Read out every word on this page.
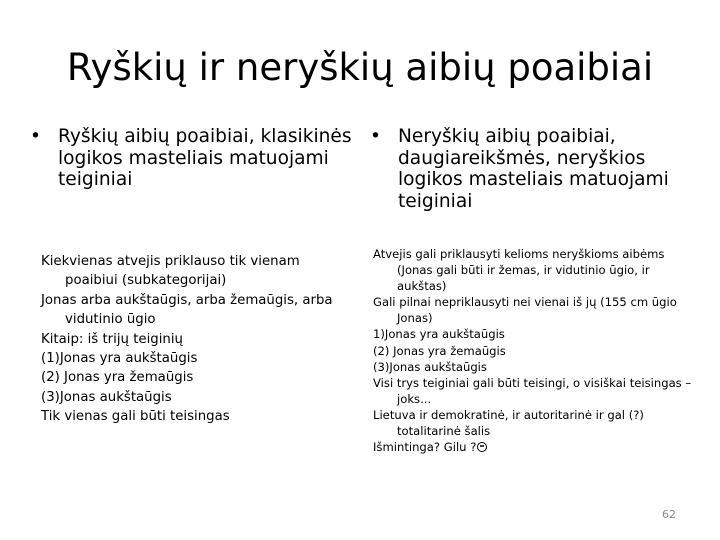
Ryškių ir neryškių aibių poaibiai
• Ryškių aibių poaibiai, klasikinės logikos masteliais matuojami teiginiai
Kiekvienas atvejis priklauso tik vienam poaibiui (subkategorijai)
Jonas arba aukštaūgis, arba žemaūgis, arba vidutinio ūgio
Kitaip: iš trijų teiginių
(1)Jonas yra aukštaūgis
(2) Jonas yra žemaūgis
(3)Jonas aukštaūgis
Tik vienas gali būti teisingas
• Neryškių aibių poaibiai, daugiareikšmės, neryškios logikos masteliais matuojami teiginiai
Atvejis gali priklausyti kelioms neryškioms aibėms (Jonas gali būti ir žemas, ir vidutinio ūgio, ir aukštas)
Gali pilnai nepriklausyti nei vienai iš jų (155 cm ūgio Jonas)
1)Jonas yra aukštaūgis
(2) Jonas yra žemaūgis
(3)Jonas aukštaūgis
Visi trys teiginiai gali būti teisingi, o visiškai teisingas – joks...
Lietuva ir demokratinė, ir autoritarinė ir gal (?) totalitarinė šalis
Išmintinga? Gilu ?
62
